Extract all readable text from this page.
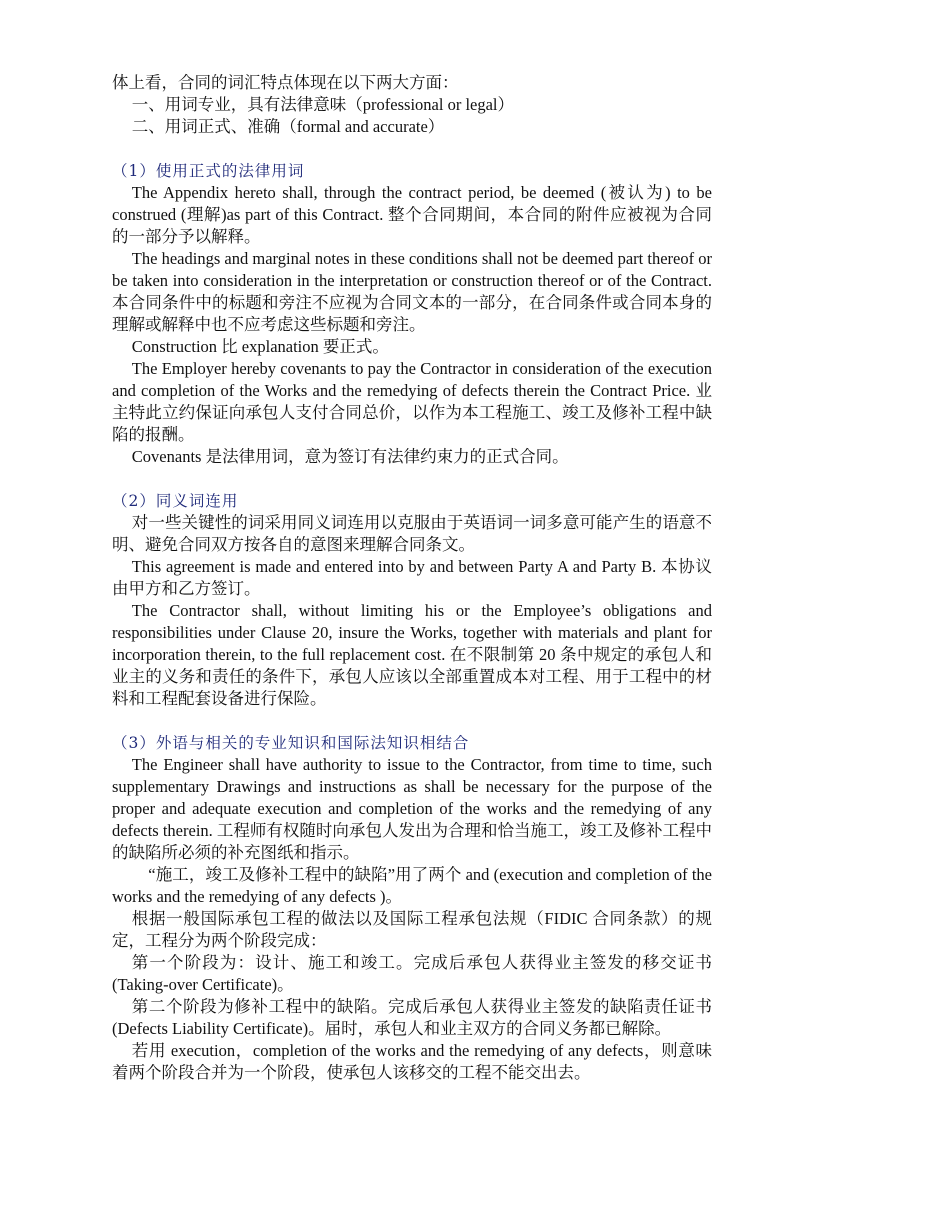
体上看，合同的词汇特点体现在以下两大方面：

一、用词专业，具有法律意味（professional or legal）

二、用词正式、准确（formal and accurate）

（1）使用正式的法律用词

The Appendix hereto shall, through the contract period, be deemed (被认为) to be construed (理解)as part of this Contract. 整个合同期间，本合同的附件应被视为合同的一部分予以解释。

The headings and marginal notes in these conditions shall not be deemed part thereof or be taken into consideration in the interpretation or construction thereof or of the Contract. 本合同条件中的标题和旁注不应视为合同文本的一部分，在合同条件或合同本身的理解或解释中也不应考虑这些标题和旁注。

Construction 比 explanation 要正式。

The Employer hereby covenants to pay the Contractor in consideration of the execution and completion of the Works and the remedying of defects therein the Contract Price. 业主特此立约保证向承包人支付合同总价，以作为本工程施工、竣工及修补工程中缺陷的报酬。

Covenants 是法律用词，意为签订有法律约束力的正式合同。

（2）同义词连用

对一些关键性的词采用同义词连用以克服由于英语词一词多意可能产生的语意不明、避免合同双方按各自的意图来理解合同条文。

This agreement is made and entered into by and between Party A and Party B. 本协议由甲方和乙方签订。

The Contractor shall, without limiting his or the Employee’s obligations and responsibilities under Clause 20, insure the Works, together with materials and plant for incorporation therein, to the full replacement cost. 在不限制第 20 条中规定的承包人和业主的义务和责任的条件下，承包人应该以全部重置成本对工程、用于工程中的材料和工程配套设备进行保险。

（3）外语与相关的专业知识和国际法知识相结合

The Engineer shall have authority to issue to the Contractor, from time to time, such supplementary Drawings and instructions as shall be necessary for the purpose of the proper and adequate execution and completion of the works and the remedying of any defects therein. 工程师有权随时向承包人发出为合理和恰当施工，竣工及修补工程中的缺陷所必须的补充图纸和指示。

“施工，竣工及修补工程中的缺陷”用了两个 and (execution and completion of the works and the remedying of any defects )。

根据一般国际承包工程的做法以及国际工程承包法规（FIDIC 合同条款）的规定，工程分为两个阶段完成：

第一个阶段为：设计、施工和竣工。完成后承包人获得业主签发的移交证书(Taking-over Certificate)。

第二个阶段为修补工程中的缺陷。完成后承包人获得业主签发的缺陷责任证书(Defects Liability Certificate)。届时，承包人和业主双方的合同义务都已解除。

若用 execution，completion of the works and the remedying of any defects，则意味着两个阶段合并为一个阶段，使承包人该移交的工程不能交出去。
